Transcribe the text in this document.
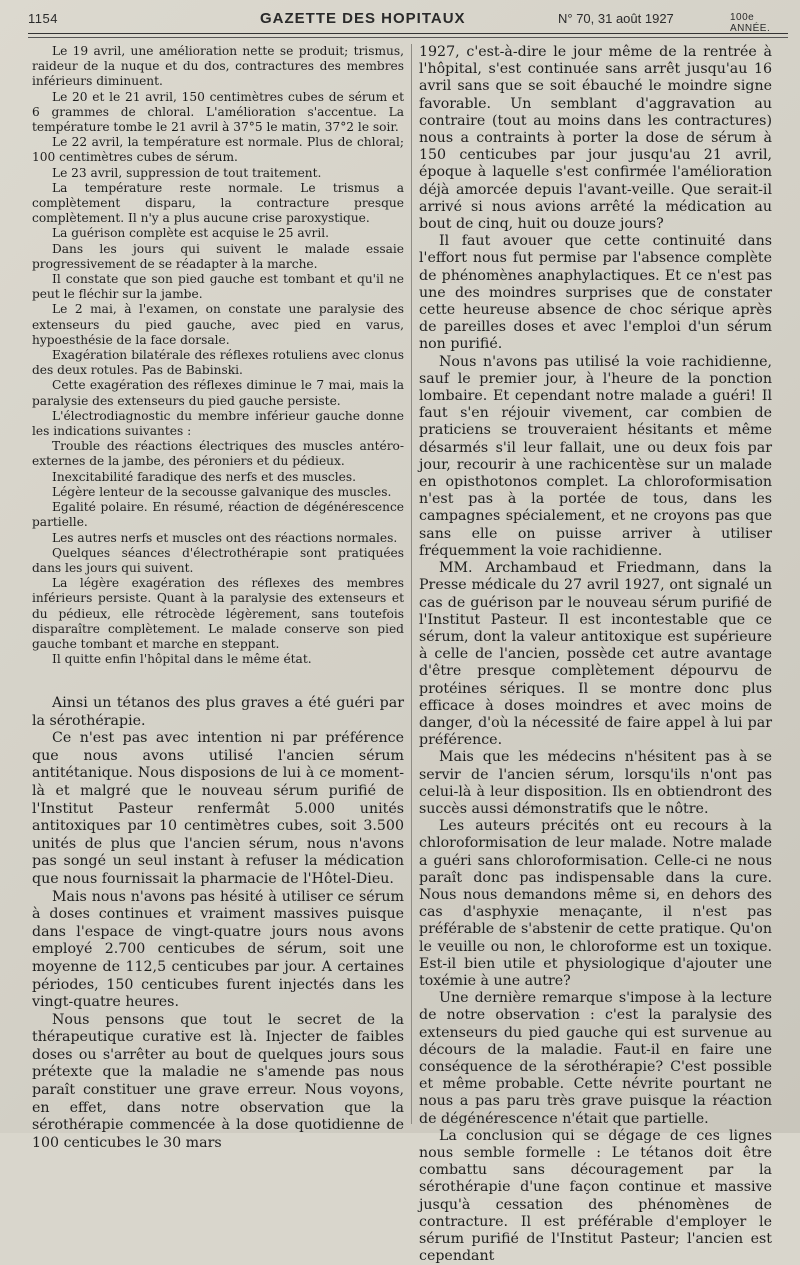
1154	GAZETTE DES HOPITAUX	N° 70, 31 août 1927	100e ANNÉE.

Le 19 avril, une amélioration nette se produit; trismus, raideur de la nuque et du dos, contractures des membres inférieurs diminuent.

Le 20 et le 21 avril, 150 centimètres cubes de sérum et 6 grammes de chloral. L'amélioration s'accentue. La température tombe le 21 avril à 37°5 le matin, 37°2 le soir.

Le 22 avril, la température est normale. Plus de chloral; 100 centimètres cubes de sérum.

Le 23 avril, suppression de tout traitement.

La température reste normale. Le trismus a complètement disparu, la contracture presque complètement. Il n'y a plus aucune crise paroxystique.

La guérison complète est acquise le 25 avril.

Dans les jours qui suivent le malade essaie progressivement de se réadapter à la marche.

Il constate que son pied gauche est tombant et qu'il ne peut le fléchir sur la jambe.

Le 2 mai, à l'examen, on constate une paralysie des extenseurs du pied gauche, avec pied en varus, hypoesthésie de la face dorsale.

Exagération bilatérale des réflexes rotuliens avec clonus des deux rotules. Pas de Babinski.

Cette exagération des réflexes diminue le 7 mai, mais la paralysie des extenseurs du pied gauche persiste.

L'électrodiagnostic du membre inférieur gauche donne les indications suivantes :

Trouble des réactions électriques des muscles antéro-externes de la jambe, des péroniers et du pédieux.

Inexcitabilité faradique des nerfs et des muscles.

Légère lenteur de la secousse galvanique des muscles.

Egalité polaire. En résumé, réaction de dégénérescence partielle.

Les autres nerfs et muscles ont des réactions normales.

Quelques séances d'électrothérapie sont pratiquées dans les jours qui suivent.

La légère exagération des réflexes des membres inférieurs persiste. Quant à la paralysie des extenseurs et du pédieux, elle rétrocède légèrement, sans toutefois disparaître complètement. Le malade conserve son pied gauche tombant et marche en steppant.

Il quitte enfin l'hôpital dans le même état.

Ainsi un tétanos des plus graves a été guéri par la sérothérapie.

Ce n'est pas avec intention ni par préférence que nous avons utilisé l'ancien sérum antitétanique. Nous disposions de lui à ce moment-là et malgré que le nouveau sérum purifié de l'Institut Pasteur renfermât 5.000 unités antitoxiques par 10 centimètres cubes, soit 3.500 unités de plus que l'ancien sérum, nous n'avons pas songé un seul instant à refuser la médication que nous fournissait la pharmacie de l'Hôtel-Dieu.

Mais nous n'avons pas hésité à utiliser ce sérum à doses continues et vraiment massives puisque dans l'espace de vingt-quatre jours nous avons employé 2.700 centicubes de sérum, soit une moyenne de 112,5 centicubes par jour. A certaines périodes, 150 centicubes furent injectés dans les vingt-quatre heures.

Nous pensons que tout le secret de la thérapeutique curative est là. Injecter de faibles doses ou s'arrêter au bout de quelques jours sous prétexte que la maladie ne s'amende pas nous paraît constituer une grave erreur. Nous voyons, en effet, dans notre observation que la sérothérapie commencée à la dose quotidienne de 100 centicubes le 30 mars

1927, c'est-à-dire le jour même de la rentrée à l'hôpital, s'est continuée sans arrêt jusqu'au 16 avril sans que se soit ébauché le moindre signe favorable. Un semblant d'aggravation au contraire (tout au moins dans les contractures) nous a contraints à porter la dose de sérum à 150 centicubes par jour jusqu'au 21 avril, époque à laquelle s'est confirmée l'amélioration déjà amorcée depuis l'avant-veille. Que serait-il arrivé si nous avions arrêté la médication au bout de cinq, huit ou douze jours?

Il faut avouer que cette continuité dans l'effort nous fut permise par l'absence complète de phénomènes anaphylactiques. Et ce n'est pas une des moindres surprises que de constater cette heureuse absence de choc sérique après de pareilles doses et avec l'emploi d'un sérum non purifié.

Nous n'avons pas utilisé la voie rachidienne, sauf le premier jour, à l'heure de la ponction lombaire. Et cependant notre malade a guéri! Il faut s'en réjouir vivement, car combien de praticiens se trouveraient hésitants et même désarmés s'il leur fallait, une ou deux fois par jour, recourir à une rachicentèse sur un malade en opisthotonos complet. La chloroformisation n'est pas à la portée de tous, dans les campagnes spécialement, et ne croyons pas que sans elle on puisse arriver à utiliser fréquemment la voie rachidienne.

MM. Archambaud et Friedmann, dans la Presse médicale du 27 avril 1927, ont signalé un cas de guérison par le nouveau sérum purifié de l'Institut Pasteur. Il est incontestable que ce sérum, dont la valeur antitoxique est supérieure à celle de l'ancien, possède cet autre avantage d'être presque complètement dépourvu de protéines sériques. Il se montre donc plus efficace à doses moindres et avec moins de danger, d'où la nécessité de faire appel à lui par préférence.

Mais que les médecins n'hésitent pas à se servir de l'ancien sérum, lorsqu'ils n'ont pas celui-là à leur disposition. Ils en obtiendront des succès aussi démonstratifs que le nôtre.

Les auteurs précités ont eu recours à la chloroformisation de leur malade. Notre malade a guéri sans chloroformisation. Celle-ci ne nous paraît donc pas indispensable dans la cure. Nous nous demandons même si, en dehors des cas d'asphyxie menaçante, il n'est pas préférable de s'abstenir de cette pratique. Qu'on le veuille ou non, le chloroforme est un toxique. Est-il bien utile et physiologique d'ajouter une toxémie à une autre?

Une dernière remarque s'impose à la lecture de notre observation : c'est la paralysie des extenseurs du pied gauche qui est survenue au décours de la maladie. Faut-il en faire une conséquence de la sérothérapie? C'est possible et même probable. Cette névrite pourtant ne nous a pas paru très grave puisque la réaction de dégénérescence n'était que partielle.

La conclusion qui se dégage de ces lignes nous semble formelle : Le tétanos doit être combattu sans découragement par la sérothérapie d'une façon continue et massive jusqu'à cessation des phénomènes de contracture. Il est préférable d'employer le sérum purifié de l'Institut Pasteur; l'ancien est cependant
